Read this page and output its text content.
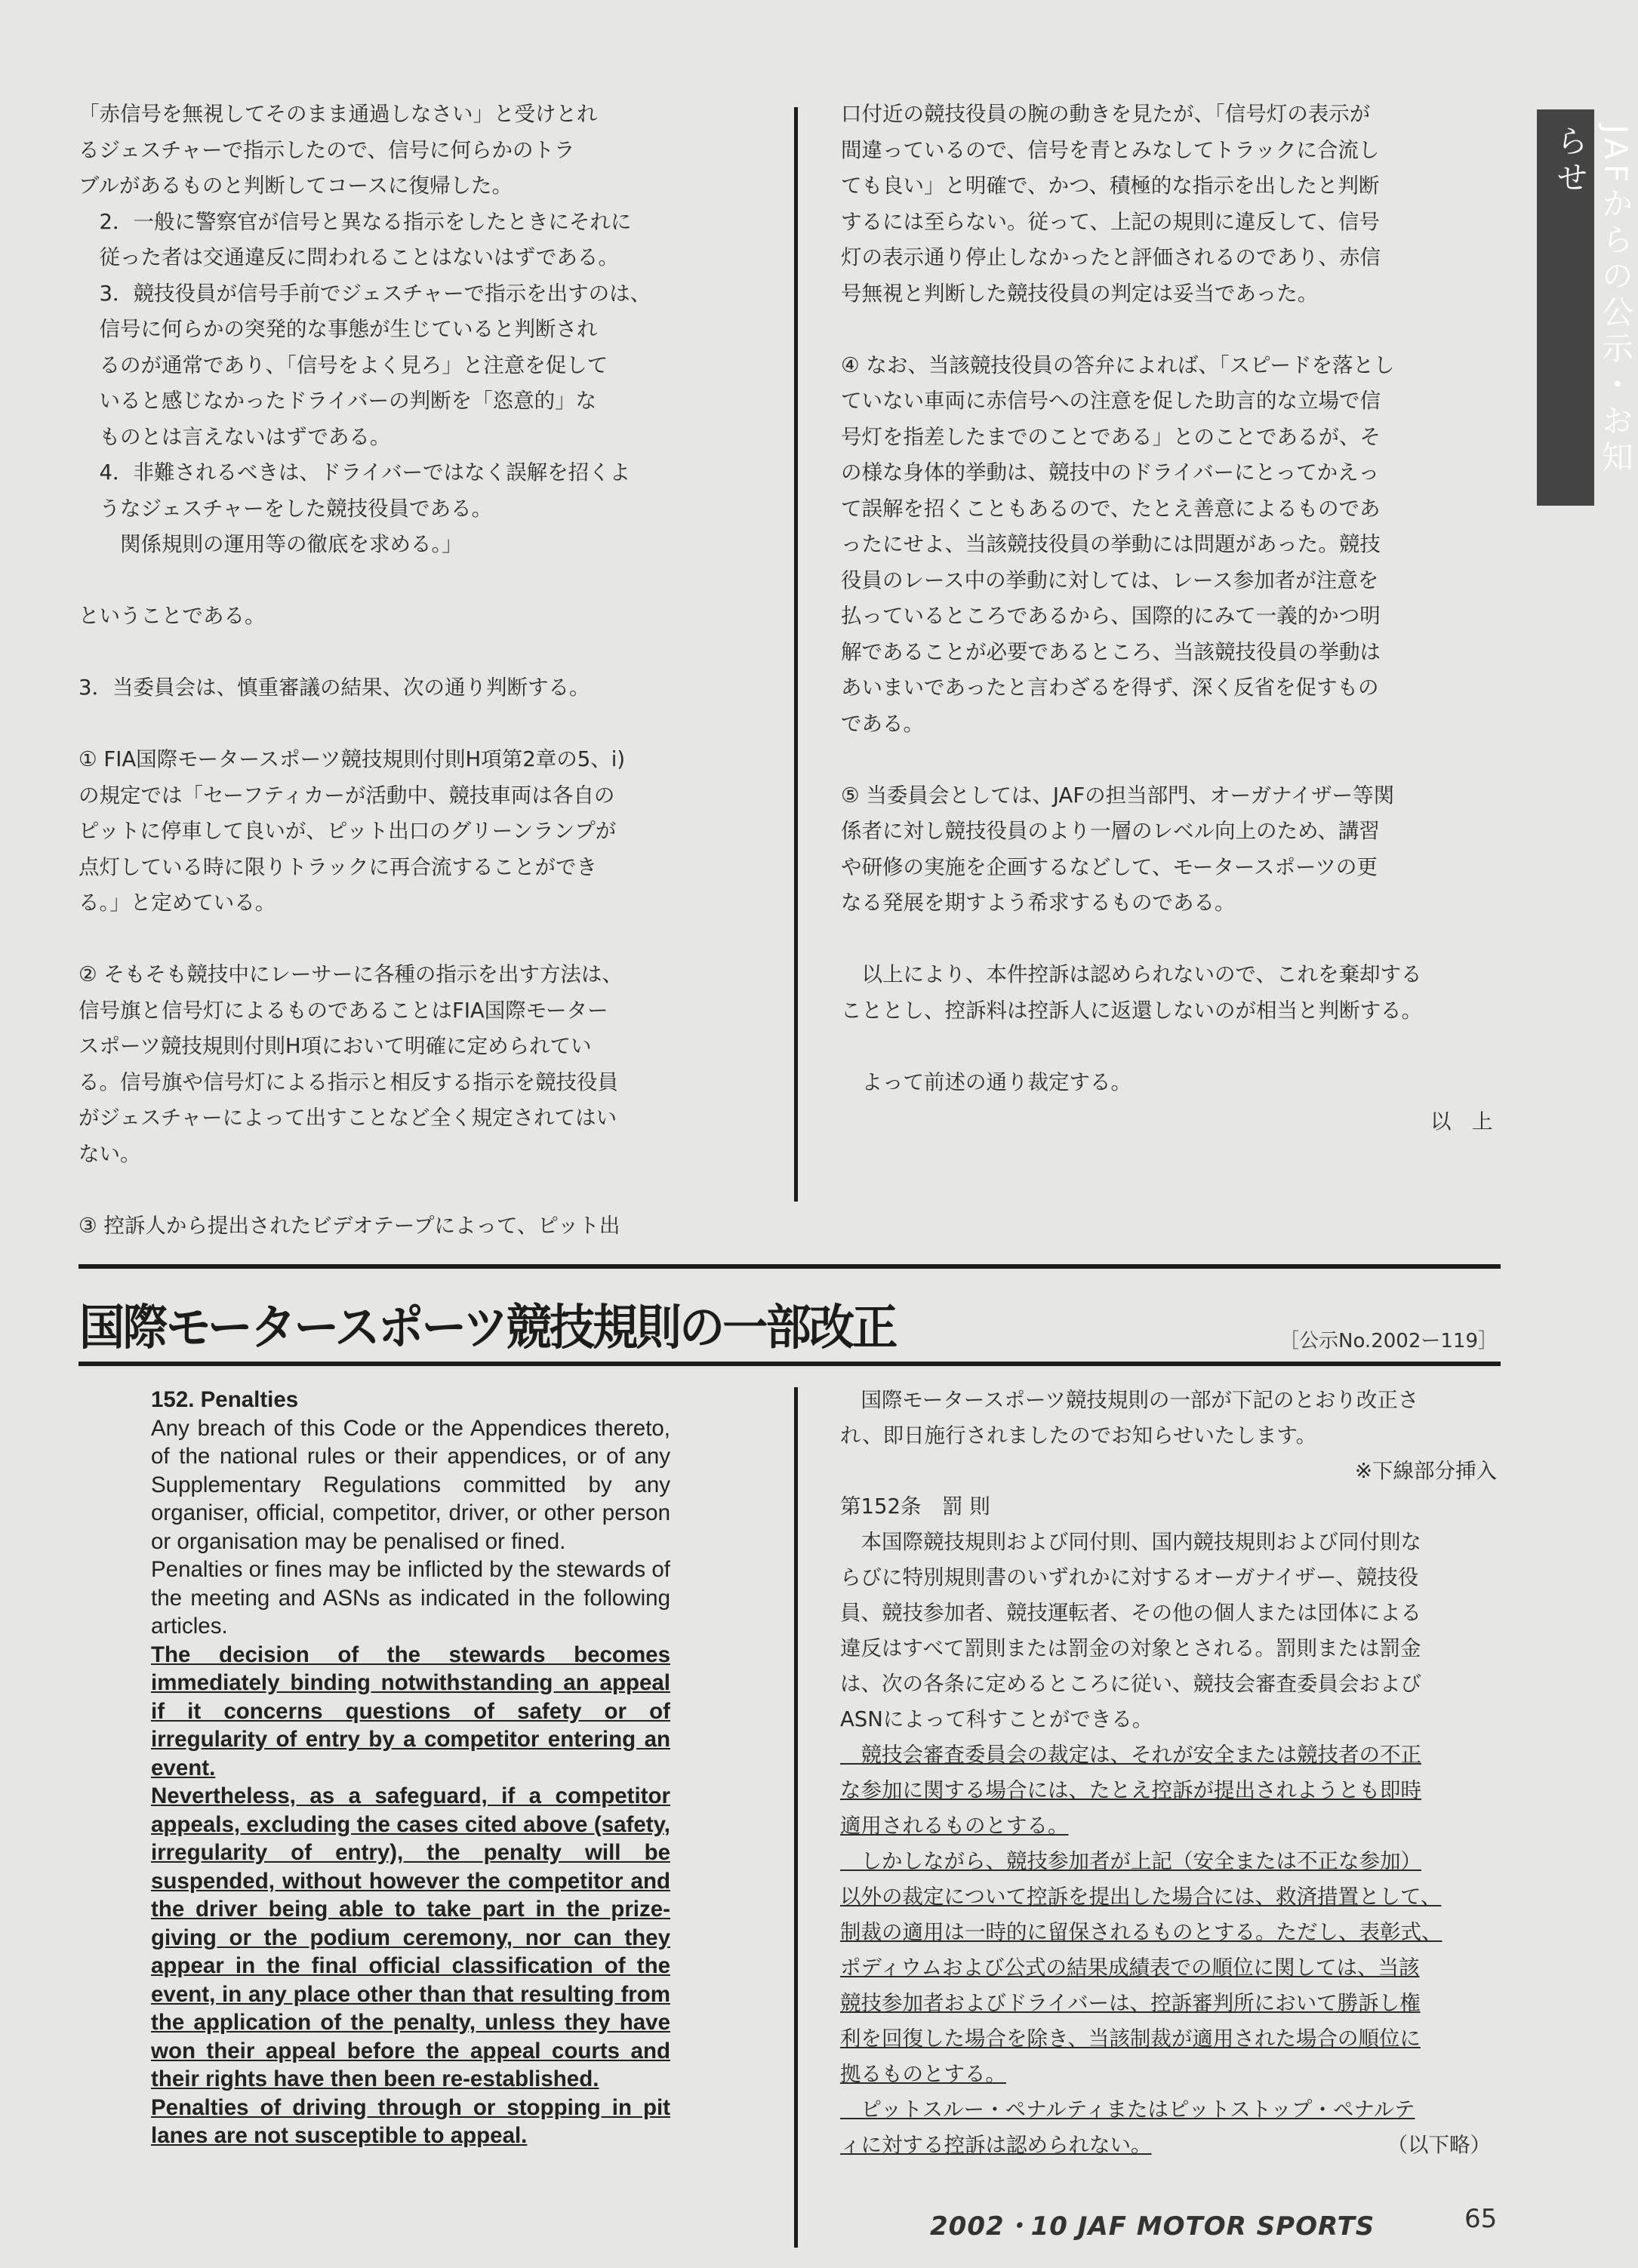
JAFからの公示・お知らせ

「赤信号を無視してそのまま通過しなさい」と受けとれ

るジェスチャーで指示したので、信号に何らかのトラ

ブルがあるものと判断してコースに復帰した。

　2．一般に警察官が信号と異なる指示をしたときにそれに

　従った者は交通違反に問われることはないはずである。

　3．競技役員が信号手前でジェスチャーで指示を出すのは、

　信号に何らかの突発的な事態が生じていると判断され

　るのが通常であり、「信号をよく見ろ」と注意を促して

　いると感じなかったドライバーの判断を「恣意的」な

　ものとは言えないはずである。

　4．非難されるべきは、ドライバーではなく誤解を招くよ

　うなジェスチャーをした競技役員である。

　　関係規則の運用等の徹底を求める。」

ということである。

3．当委員会は、慎重審議の結果、次の通り判断する。

① FIA国際モータースポーツ競技規則付則H項第2章の5、i)

の規定では「セーフティカーが活動中、競技車両は各自の

ピットに停車して良いが、ピット出口のグリーンランプが

点灯している時に限りトラックに再合流することができ

る。」と定めている。

② そもそも競技中にレーサーに各種の指示を出す方法は、

信号旗と信号灯によるものであることはFIA国際モーター

スポーツ競技規則付則H項において明確に定められてい

る。信号旗や信号灯による指示と相反する指示を競技役員

がジェスチャーによって出すことなど全く規定されてはい

ない。

③ 控訴人から提出されたビデオテープによって、ピット出

口付近の競技役員の腕の動きを見たが、「信号灯の表示が

間違っているので、信号を青とみなしてトラックに合流し

ても良い」と明確で、かつ、積極的な指示を出したと判断

するには至らない。従って、上記の規則に違反して、信号

灯の表示通り停止しなかったと評価されるのであり、赤信

号無視と判断した競技役員の判定は妥当であった。

④ なお、当該競技役員の答弁によれば、「スピードを落とし

ていない車両に赤信号への注意を促した助言的な立場で信

号灯を指差したまでのことである」とのことであるが、そ

の様な身体的挙動は、競技中のドライバーにとってかえっ

て誤解を招くこともあるので、たとえ善意によるものであ

ったにせよ、当該競技役員の挙動には問題があった。競技

役員のレース中の挙動に対しては、レース参加者が注意を

払っているところであるから、国際的にみて一義的かつ明

解であることが必要であるところ、当該競技役員の挙動は

あいまいであったと言わざるを得ず、深く反省を促すもの

である。

⑤ 当委員会としては、JAFの担当部門、オーガナイザー等関

係者に対し競技役員のより一層のレベル向上のため、講習

や研修の実施を企画するなどして、モータースポーツの更

なる発展を期すよう希求するものである。

　以上により、本件控訴は認められないので、これを棄却する

こととし、控訴料は控訴人に返還しないのが相当と判断する。

　よって前述の通り裁定する。

以　上

国際モータースポーツ競技規則の一部改正	［公示No.2002ー119］
152. Penalties

Any breach of this Code or the Appendices thereto, of the national rules or their appendices, or of any Supplementary Regulations committed by any organiser, official, competitor, driver, or other person or organisation may be penalised or fined.

Penalties or fines may be inflicted by the stewards of the meeting and ASNs as indicated in the following articles.

The decision of the stewards becomes immediately binding notwithstanding an appeal if it concerns questions of safety or of irregularity of entry by a competitor entering an event.

Nevertheless, as a safeguard, if a competitor appeals, excluding the cases cited above (safety, irregularity of entry), the penalty will be suspended, without however the competitor and the driver being able to take part in the prize-giving or the podium ceremony, nor can they appear in the final official classification of the event, in any place other than that resulting from the application of the penalty, unless they have won their appeal before the appeal courts and their rights have then been re-established.

Penalties of driving through or stopping in pit lanes are not susceptible to appeal.

　国際モータースポーツ競技規則の一部が下記のとおり改正さ

れ、即日施行されましたのでお知らせいたします。

※下線部分挿入

第152条　罰 則

　本国際競技規則および同付則、国内競技規則および同付則な

らびに特別規則書のいずれかに対するオーガナイザー、競技役

員、競技参加者、競技運転者、その他の個人または団体による

違反はすべて罰則または罰金の対象とされる。罰則または罰金

は、次の各条に定めるところに従い、競技会審査委員会および

ASNによって科すことができる。

　競技会審査委員会の裁定は、それが安全または競技者の不正

な参加に関する場合には、たとえ控訴が提出されようとも即時

適用されるものとする。

　しかしながら、競技参加者が上記（安全または不正な参加）

以外の裁定について控訴を提出した場合には、救済措置として、

制裁の適用は一時的に留保されるものとする。ただし、表彰式、

ポディウムおよび公式の結果成績表での順位に関しては、当該

競技参加者およびドライバーは、控訴審判所において勝訴し権

利を回復した場合を除き、当該制裁が適用された場合の順位に

拠るものとする。

　ピットスルー・ペナルティまたはピットストップ・ペナルテ

ィに対する控訴は認められない。	（以下略）

2002・10 JAF MOTOR SPORTS	65
